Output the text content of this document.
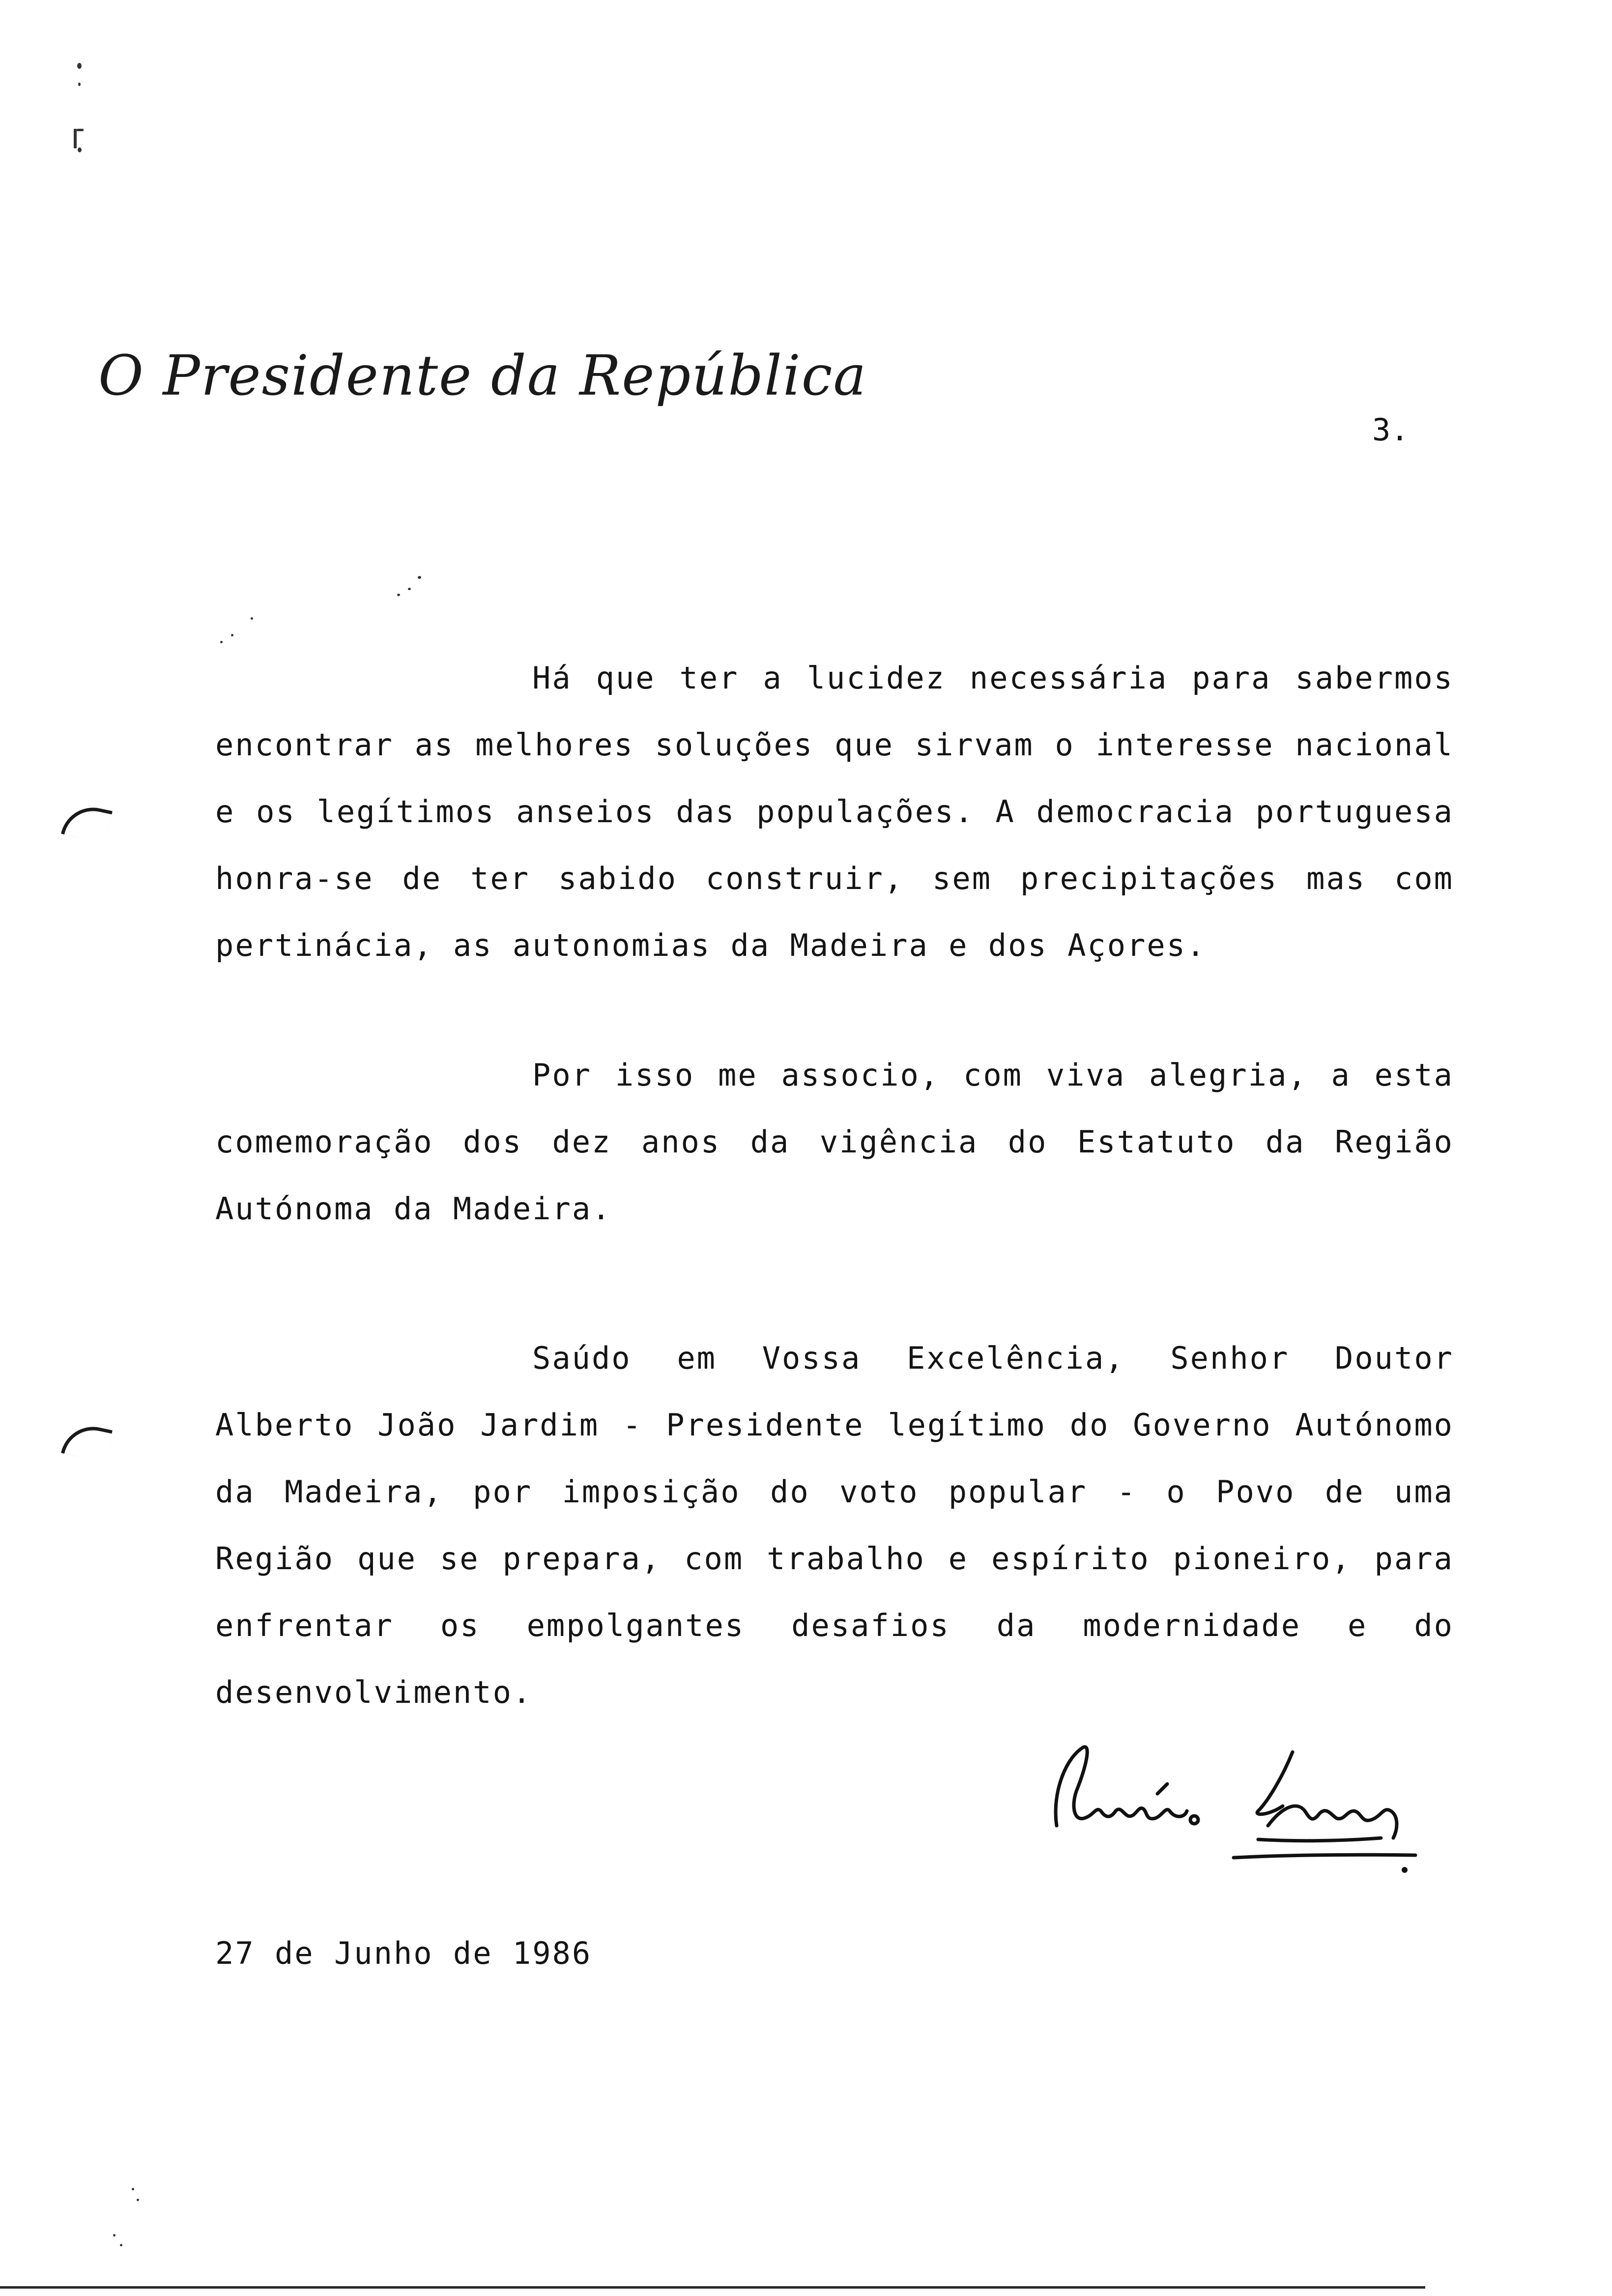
O Presidente da República
3.

Há que ter a lucidez necessária para sabermos encontrar as melhores soluções que sirvam o interesse nacional e os legítimos anseios das populações. A democracia portuguesa honra-se de ter sabido construir, sem precipitações mas com pertinácia, as autonomias da Madeira e dos Açores.

Por isso me associo, com viva alegria, a esta comemoração dos dez anos da vigência do Estatuto da Região Autónoma da Madeira.

Saúdo em Vossa Excelência, Senhor Doutor Alberto João Jardim - Presidente legítimo do Governo Autónomo da Madeira, por imposição do voto popular - o Povo de uma Região que se prepara, com trabalho e espírito pioneiro, para enfrentar os empolgantes desafios da modernidade e do desenvolvimento.

27 de Junho de 1986
